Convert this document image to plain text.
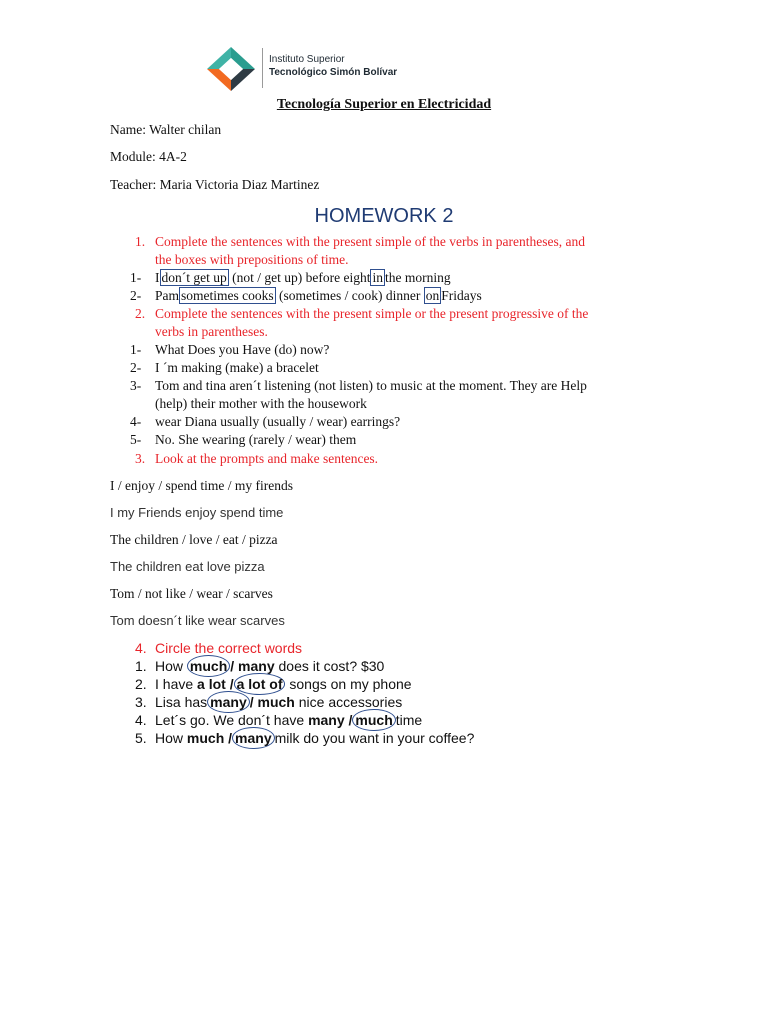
Instituto Superior
Tecnológico Simón Bolívar
Tecnología Superior en Electricidad
Name: Walter chilan
Module: 4A-2
Teacher: Maria Victoria Diaz Martinez
HOMEWORK 2
1. Complete the sentences with the present simple of the verbs in parentheses, and
the boxes with prepositions of time.
1- I don´t get up (not / get up) before eight in the morning
2- Pam sometimes cooks (sometimes / cook) dinner on Fridays
2. Complete the sentences with the present simple or the present progressive of the
verbs in parentheses.
1- What Does you Have (do) now?
2- I ´m making (make) a bracelet
3- Tom and tina aren´t listening (not listen) to music at the moment. They are Help
(help) their mother with the housework
4- wear Diana usually (usually / wear) earrings?
5- No. She wearing (rarely / wear) them
3. Look at the prompts and make sentences.
I / enjoy / spend time / my firends
I my Friends enjoy spend time
The children / love / eat / pizza
The children eat love pizza
Tom / not like / wear / scarves
Tom doesn´t like wear scarves
4. Circle the correct words
1. How much / many does it cost? $30
2. I have a lot / a lot of songs on my phone
3. Lisa has many / much nice accessories
4. Let´s go. We don´t have many / much time
5. How much / many milk do you want in your coffee?
